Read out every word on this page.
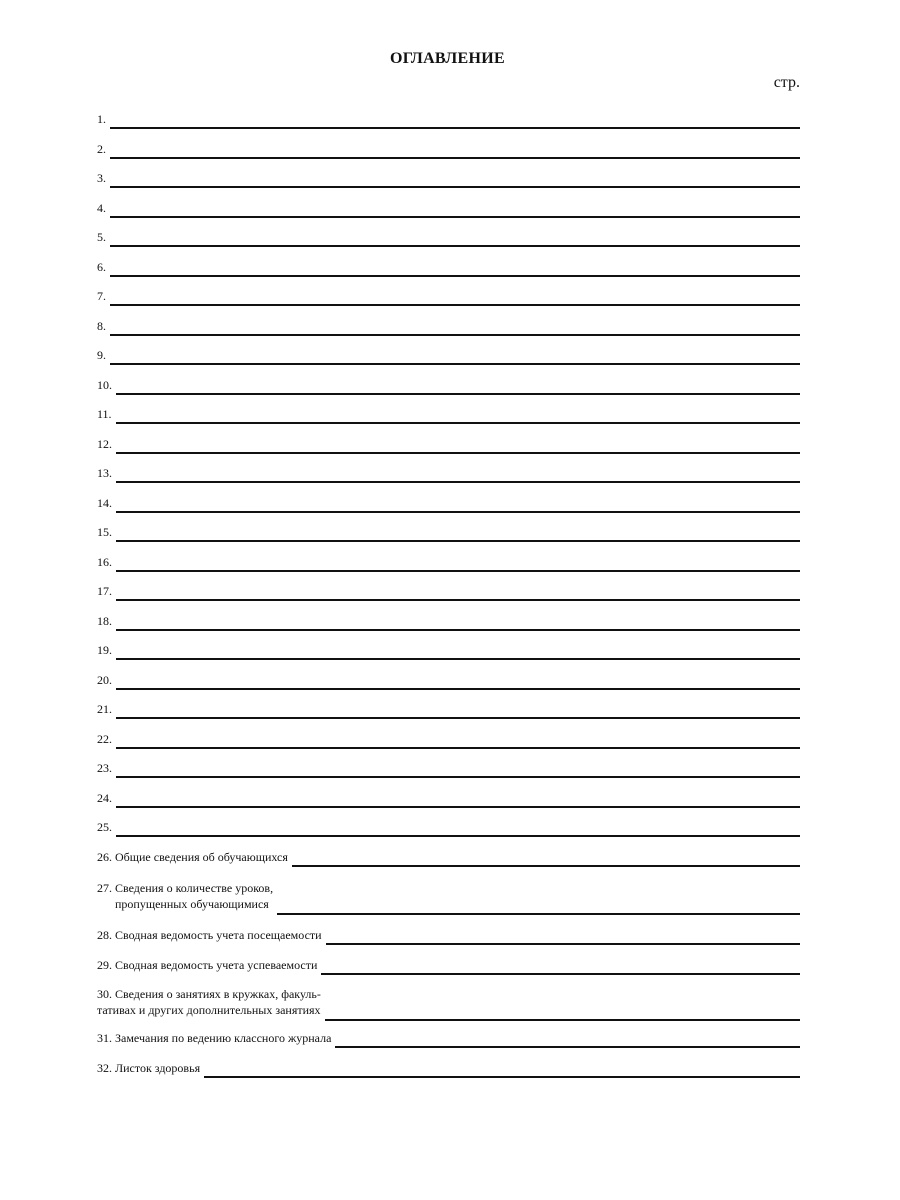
ОГЛАВЛЕНИЕ
стр.
1.
2.
3.
4.
5.
6.
7.
8.
9.
10.
11.
12.
13.
14.
15.
16.
17.
18.
19.
20.
21.
22.
23.
24.
25.
26. Общие сведения об обучающихся
27. Сведения о количестве уроков,
пропущенных обучающимися
28. Сводная ведомость учета посещаемости
29. Сводная ведомость учета успеваемости
30. Сведения о занятиях в кружках, факуль-
тативах и других дополнительных занятиях
31. Замечания по ведению классного журнала
32. Листок здоровья
